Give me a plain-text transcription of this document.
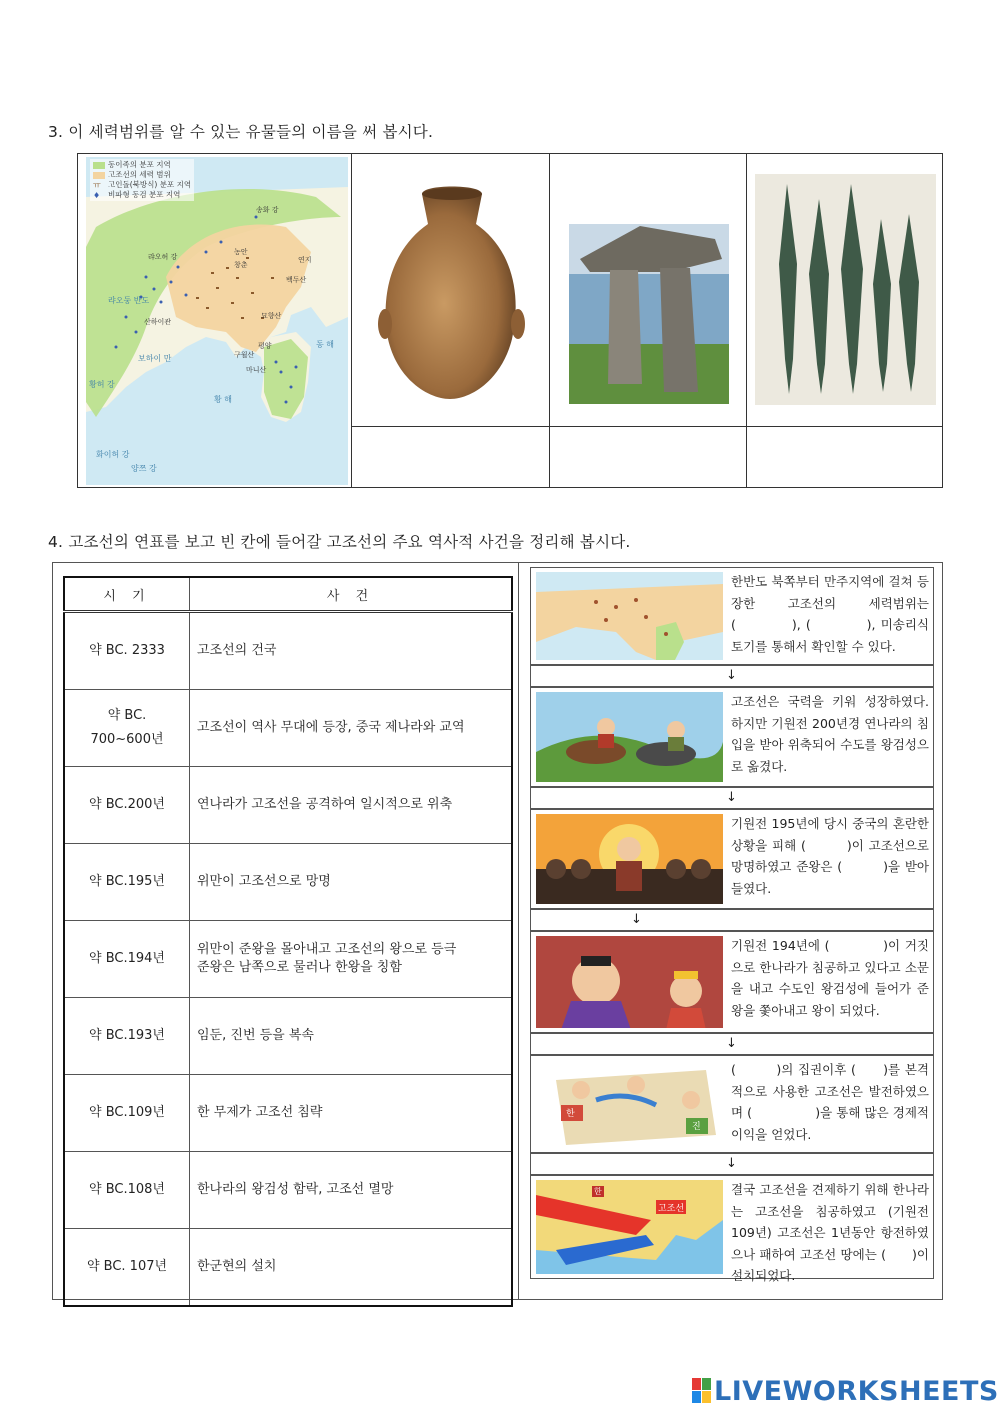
3. 이 세력범위를 알 수 있는 유물들의 이름을 써 봅시다.
동이족의 분포 지역
고조선의 세력 범위
ㅠ 고인돌(북방식) 분포 지역
♦ 비파형 동검 분포 지역
송화 강
랴오허 강
농안
창춘
연지
백두산
산하이관
보하이 만
묘향산
평양
구월산
마니산
동 해
황 해
화이허 강
양쯔 강
황허 강
랴오둥 반도
4. 고조선의 연표를 보고 빈 칸에 들어갈 고조선의 주요 역사적 사건을 정리해 봅시다.
시 기	사 건
약 BC. 2333	고조선의 건국
약 BC.
700~600년	고조선이 역사 무대에 등장, 중국 제나라와 교역
약 BC.200년	연나라가 고조선을 공격하여 일시적으로 위축
약 BC.195년	위만이 고조선으로 망명
약 BC.194년	위만이 준왕을 몰아내고 고조선의 왕으로 등극
준왕은 남쪽으로 물러나 한왕을 칭함
약 BC.193년	임둔, 진번 등을 복속
약 BC.109년	한 무제가 고조선 침략
약 BC.108년	한나라의 왕검성 함락, 고조선 멸망
약 BC. 107년	한군현의 설치
한반도 북쪽부터 만주지역에 걸쳐 등장한 고조선의 세력범위는 (　　　　), (　　　　), 미송리식 토기를 통해서 확인할 수 있다.
↓
고조선은 국력을 키워 성장하였다. 하지만 기원전 200년경 연나라의 침입을 받아 위축되어 수도를 왕검성으로 옮겼다.
↓
기원전 195년에 당시 중국의 혼란한 상황을 피해 (　　　)이 고조선으로 망명하였고 준왕은 (　　　)을 받아들였다.
↓
기원전 194년에 (　　　　)이 거짓으로 한나라가 침공하고 있다고 소문을 내고 수도인 왕검성에 들어가 준왕을 쫓아내고 왕이 되었다.
↓
한
진
(　　　)의 집권이후 (　　)를 본격적으로 사용한 고조선은 발전하였으며 (　　　　　)을 통해 많은 경제적 이익을 얻었다.
↓
고조선
한	결국 고조선을 견제하기 위해 한나라는 고조선을 침공하였고 (기원전 109년) 고조선은 1년동안 항전하였으나 패하여 고조선 땅에는 (　　)이 설치되었다.
LIVEWORKSHEETS
